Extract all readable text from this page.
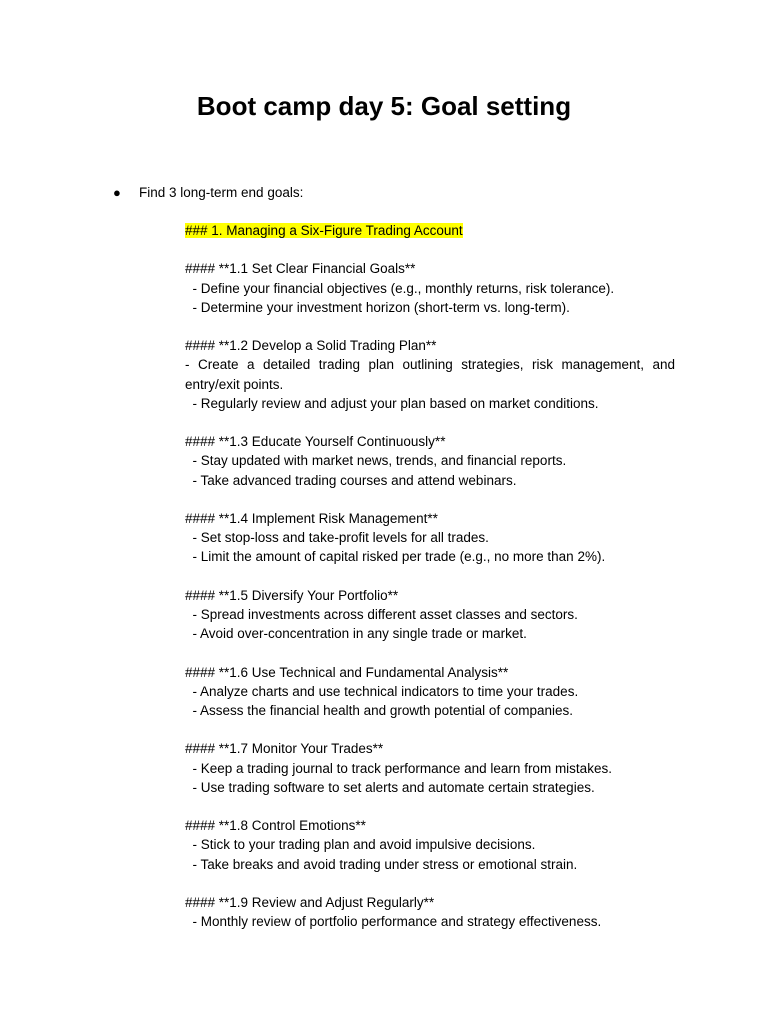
Boot camp day 5: Goal setting
● Find 3 long-term end goals:
### 1. Managing a Six-Figure Trading Account
#### **1.1 Set Clear Financial Goals**
- Define your financial objectives (e.g., monthly returns, risk tolerance).
- Determine your investment horizon (short-term vs. long-term).
#### **1.2 Develop a Solid Trading Plan**
- Create a detailed trading plan outlining strategies, risk management, and
entry/exit points.
- Regularly review and adjust your plan based on market conditions.
#### **1.3 Educate Yourself Continuously**
- Stay updated with market news, trends, and financial reports.
- Take advanced trading courses and attend webinars.
#### **1.4 Implement Risk Management**
- Set stop-loss and take-profit levels for all trades.
- Limit the amount of capital risked per trade (e.g., no more than 2%).
#### **1.5 Diversify Your Portfolio**
- Spread investments across different asset classes and sectors.
- Avoid over-concentration in any single trade or market.
#### **1.6 Use Technical and Fundamental Analysis**
- Analyze charts and use technical indicators to time your trades.
- Assess the financial health and growth potential of companies.
#### **1.7 Monitor Your Trades**
- Keep a trading journal to track performance and learn from mistakes.
- Use trading software to set alerts and automate certain strategies.
#### **1.8 Control Emotions**
- Stick to your trading plan and avoid impulsive decisions.
- Take breaks and avoid trading under stress or emotional strain.
#### **1.9 Review and Adjust Regularly**
- Monthly review of portfolio performance and strategy effectiveness.
